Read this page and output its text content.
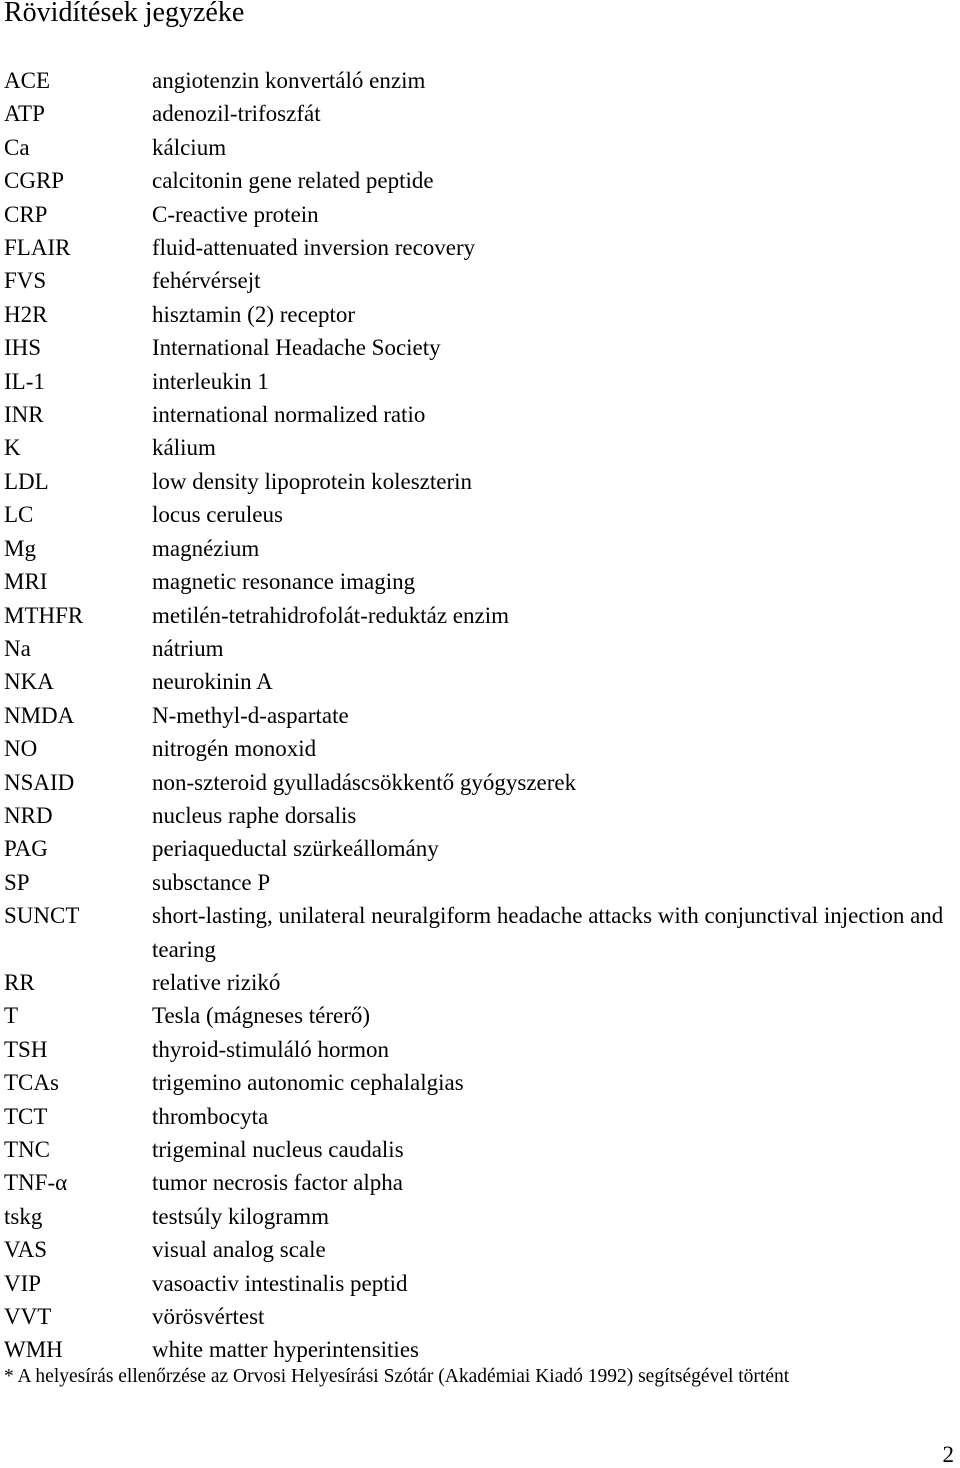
Rövidítések jegyzéke
ACE	angiotenzin konvertáló enzim
ATP	adenozil-trifoszfát
Ca	kálcium
CGRP	calcitonin gene related peptide
CRP	C-reactive protein
FLAIR	fluid-attenuated inversion recovery
FVS	fehérvérsejt
H2R	hisztamin (2) receptor
IHS	International Headache Society
IL-1	interleukin 1
INR	international normalized ratio
K	kálium
LDL	low density lipoprotein koleszterin
LC	locus ceruleus
Mg	magnézium
MRI	magnetic resonance imaging
MTHFR	metilén-tetrahidrofolát-reduktáz enzim
Na	nátrium
NKA	neurokinin A
NMDA	N-methyl-d-aspartate
NO	nitrogén monoxid
NSAID	non-szteroid gyulladáscsökkentő gyógyszerek
NRD	nucleus raphe dorsalis
PAG	periaqueductal szürkeállomány
SP	subsctance P
SUNCT	short-lasting, unilateral neuralgiform headache attacks with conjunctival injection and tearing
RR	relative rizikó
T	Tesla (mágneses térerő)
TSH	thyroid-stimuláló hormon
TCAs	trigemino autonomic cephalalgias
TCT	thrombocyta
TNC	trigeminal nucleus caudalis
TNF-α	tumor necrosis factor alpha
tskg	testsúly kilogramm
VAS	visual analog scale
VIP	vasoactiv intestinalis peptid
VVT	vörösvértest
WMH	white matter hyperintensities
* A helyesírás ellenőrzése az Orvosi Helyesírási Szótár (Akadémiai Kiadó 1992) segítségével történt
2
